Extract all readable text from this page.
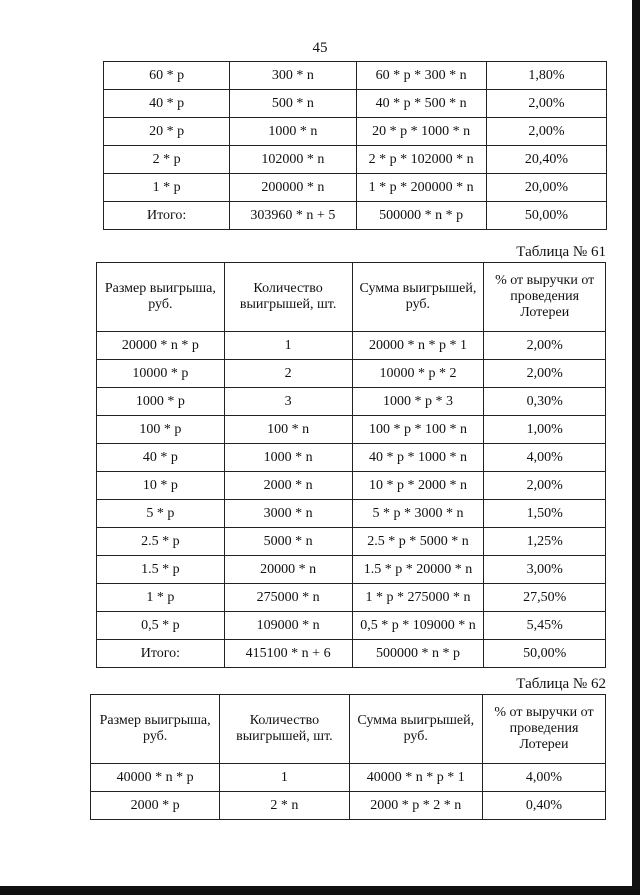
45
60 * p	300 * n	60 * p * 300 * n	1,80%
40 * p	500 * n	40 * p * 500 * n	2,00%
20 * p	1000 * n	20 * p * 1000 * n	2,00%
2 * p	102000 * n	2 * p * 102000 * n	20,40%
1 * p	200000 * n	1 * p * 200000 * n	20,00%
Итого:	303960 * n + 5	500000 * n * p	50,00%
Таблица № 61
Размер выигрыша, руб.	Количество выигрышей, шт.	Сумма выигрышей, руб.	% от выручки от проведения Лотереи
20000 * n * p	1	20000 * n * p * 1	2,00%
10000 * p	2	10000 * p * 2	2,00%
1000 * p	3	1000 * p * 3	0,30%
100 * p	100 * n	100 * p * 100 * n	1,00%
40 * p	1000 * n	40 * p * 1000 * n	4,00%
10 * p	2000 * n	10 * p * 2000 * n	2,00%
5 * p	3000 * n	5 * p * 3000 * n	1,50%
2.5 * p	5000 * n	2.5 * p * 5000 * n	1,25%
1.5 * p	20000 * n	1.5 * p * 20000 * n	3,00%
1 * p	275000 * n	1 * p * 275000 * n	27,50%
0,5 * p	109000 * n	0,5 * p * 109000 * n	5,45%
Итого:	415100 * n + 6	500000 * n * p	50,00%
Таблица № 62
Размер выигрыша, руб.	Количество выигрышей, шт.	Сумма выигрышей, руб.	% от выручки от проведения Лотереи
40000 * n * p	1	40000 * n * p * 1	4,00%
2000 * p	2 * n	2000 * p * 2 * n	0,40%
